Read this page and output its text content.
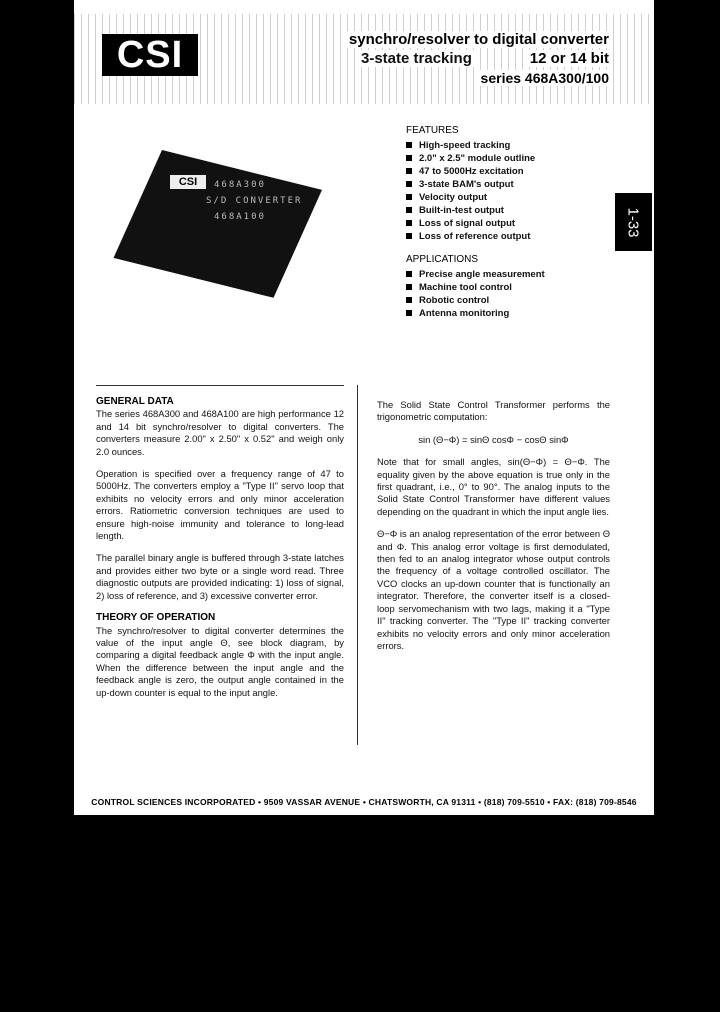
CSI	synchro/resolver to digital converter
3-state tracking	12 or 14 bit
series 468A300/100
CSI	468A300
S/D CONVERTER
468A100
FEATURES
High-speed tracking
2.0" x 2.5" module outline
47 to 5000Hz excitation
3-state BAM's output
Velocity output
Built-in-test output
Loss of signal output
Loss of reference output
APPLICATIONS
Precise angle measurement
Machine tool control
Robotic control
Antenna monitoring
GENERAL DATA

The series 468A300 and 468A100 are high performance 12 and 14 bit synchro/resolver to digital converters. The converters measure 2.00" x 2.50" x 0.52" and weigh only 2.0 ounces.

Operation is specified over a frequency range of 47 to 5000Hz. The converters employ a "Type II" servo loop that exhibits no velocity errors and only minor acceleration errors. Ratiometric conversion techniques are used to ensure high-noise immunity and tolerance to long-lead length.

The parallel binary angle is buffered through 3-state latches and provides either two byte or a single word read. Three diagnostic outputs are provided indicating: 1) loss of signal, 2) loss of reference, and 3) excessive converter error.

THEORY OF OPERATION

The synchro/resolver to digital converter determines the value of the input angle Θ, see block diagram, by comparing a digital feedback angle Φ with the input angle. When the difference between the input angle and the feedback angle is zero, the output angle contained in the up-down counter is equal to the input angle.

The Solid State Control Transformer performs the trigonometric computation:

sin (Θ−Φ) = sinΘ cosΦ − cosΘ sinΦ

Note that for small angles, sin(Θ−Φ) = Θ−Φ. The equality given by the above equation is true only in the first quadrant, i.e., 0° to 90°. The analog inputs to the Solid State Control Transformer have different values depending on the quadrant in which the input angle lies.

Θ−Φ is an analog representation of the error between Θ and Φ. This analog error voltage is first demodulated, then fed to an analog integrator whose output controls the frequency of a voltage controlled oscillator. The VCO clocks an up-down counter that is functionally an integrator. Therefore, the converter itself is a closed-loop servomechanism with two lags, making it a "Type II" tracking converter. The "Type II" tracking converter exhibits no velocity errors and only minor acceleration errors.

CONTROL SCIENCES INCORPORATED • 9509 VASSAR AVENUE • CHATSWORTH, CA 91311 • (818) 709-5510 • FAX: (818) 709-8546
1-33
